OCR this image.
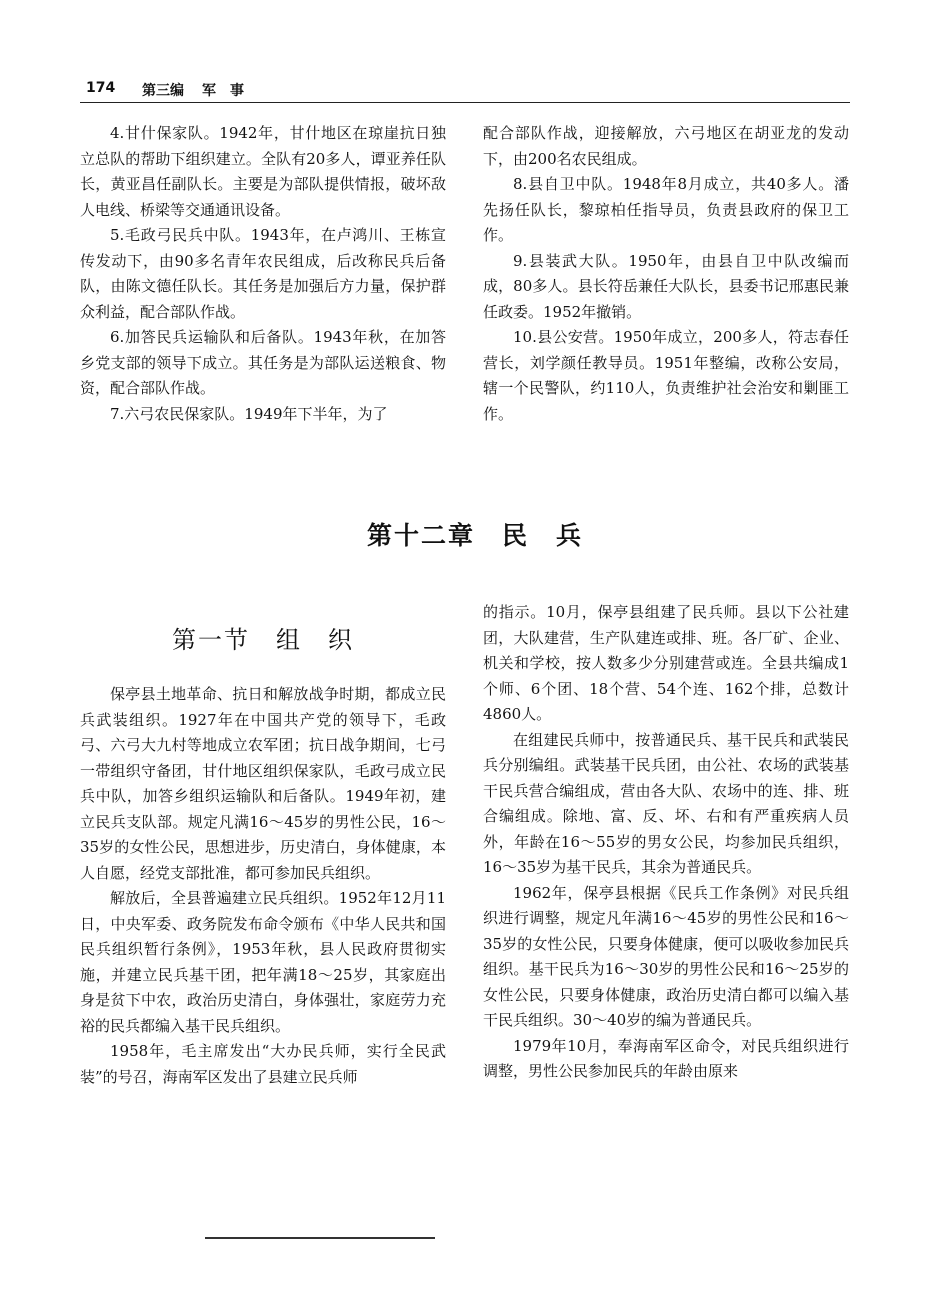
174 第三编 军　事

4.甘什保家队。1942年，甘什地区在琼崖抗日独立总队的帮助下组织建立。全队有20多人，谭亚养任队长，黄亚昌任副队长。主要是为部队提供情报，破坏敌人电线、桥梁等交通通讯设备。

5.毛政弓民兵中队。1943年，在卢鸿川、王栋宣传发动下，由90多名青年农民组成，后改称民兵后备队，由陈文德任队长。其任务是加强后方力量，保护群众利益，配合部队作战。

6.加答民兵运输队和后备队。1943年秋，在加答乡党支部的领导下成立。其任务是为部队运送粮食、物资，配合部队作战。

7.六弓农民保家队。1949年下半年，为了

配合部队作战，迎接解放，六弓地区在胡亚龙的发动下，由200名农民组成。

8.县自卫中队。1948年8月成立，共40多人。潘先扬任队长，黎琼柏任指导员，负责县政府的保卫工作。

9.县装武大队。1950年，由县自卫中队改编而成，80多人。县长符岳兼任大队长，县委书记邢惠民兼任政委。1952年撤销。

10.县公安营。1950年成立，200多人，符志春任营长，刘学颜任教导员。1951年整编，改称公安局，辖一个民警队，约110人，负责维护社会治安和剿匪工作。

第十二章　民　兵
第一节　组　织

保亭县土地革命、抗日和解放战争时期，都成立民兵武装组织。1927年在中国共产党的领导下，毛政弓、六弓大九村等地成立农军团；抗日战争期间，七弓一带组织守备团，甘什地区组织保家队，毛政弓成立民兵中队，加答乡组织运输队和后备队。1949年初，建立民兵支队部。规定凡满16～45岁的男性公民，16～35岁的女性公民，思想进步，历史清白，身体健康，本人自愿，经党支部批准，都可参加民兵组织。

解放后，全县普遍建立民兵组织。1952年12月11日，中央军委、政务院发布命令颁布《中华人民共和国民兵组织暂行条例》，1953年秋，县人民政府贯彻实施，并建立民兵基干团，把年满18～25岁，其家庭出身是贫下中农，政治历史清白，身体强壮，家庭劳力充裕的民兵都编入基干民兵组织。

1958年，毛主席发出“大办民兵师，实行全民武装”的号召，海南军区发出了县建立民兵师

的指示。10月，保亭县组建了民兵师。县以下公社建团，大队建营，生产队建连或排、班。各厂矿、企业、机关和学校，按人数多少分别建营或连。全县共编成1个师、6个团、18个营、54个连、162个排，总数计4860人。

在组建民兵师中，按普通民兵、基干民兵和武装民兵分别编组。武装基干民兵团，由公社、农场的武装基干民兵营合编组成，营由各大队、农场中的连、排、班合编组成。除地、富、反、坏、右和有严重疾病人员外，年龄在16～55岁的男女公民，均参加民兵组织，16～35岁为基干民兵，其余为普通民兵。

1962年，保亭县根据《民兵工作条例》对民兵组织进行调整，规定凡年满16～45岁的男性公民和16～35岁的女性公民，只要身体健康，便可以吸收参加民兵组织。基干民兵为16～30岁的男性公民和16～25岁的女性公民，只要身体健康，政治历史清白都可以编入基干民兵组织。30～40岁的编为普通民兵。

1979年10月，奉海南军区命令，对民兵组织进行调整，男性公民参加民兵的年龄由原来
